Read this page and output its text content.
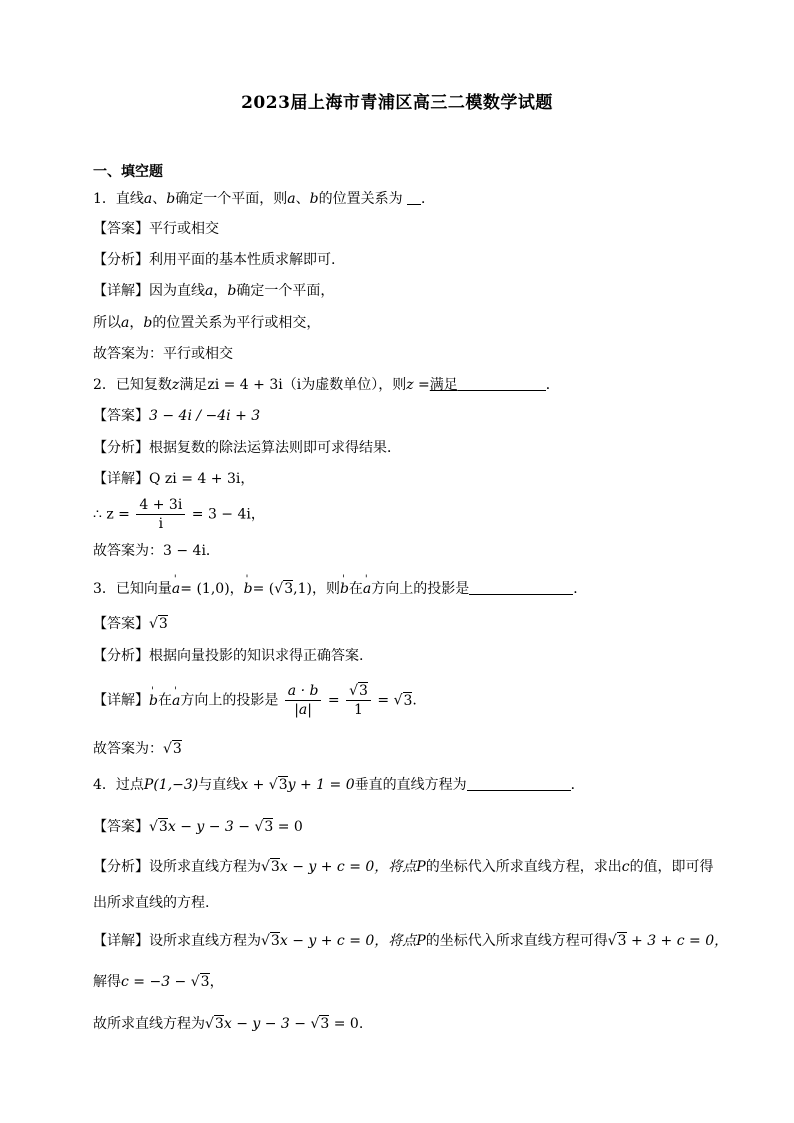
2023届上海市青浦区高三二模数学试题
一、填空题
1．直线a、b确定一个平面，则a、b的位置关系为 ．
【答案】平行或相交
【分析】利用平面的基本性质求解即可.
【详解】因为直线a，b确定一个平面，
所以a，b的位置关系为平行或相交，
故答案为：平行或相交
2．已知复数z满足zi = 4 + 3i（i为虚数单位），则z =满足	．
【答案】3 − 4i / −4i + 3
【分析】根据复数的除法运算法则即可求得结果．
【详解】Q zi = 4 + 3i，
∴ $z = \frac{4 + 3i}{i} = 3 - 4i$，
故答案为：3 − 4i．
3．已知向量' a= (1,0)，' b= (√3,1)，则' b在' a方向上的投影是	．
【答案】√3
【分析】根据向量投影的知识求得正确答案.
【详解】' b在' a方向上的投影是 $\frac{a \cdot b}{|a|} = \frac{√3}{1} = √3$.
故答案为：√3
4．过点P(1,−3)与直线x + √3y + 1 = 0垂直的直线方程为	．
【答案】√3x − y − 3 − √3 = 0
【分析】设所求直线方程为√3x − y + c = 0，将点P的坐标代入所求直线方程，求出c的值，即可得
出所求直线的方程.
【详解】设所求直线方程为√3x − y + c = 0，将点P的坐标代入所求直线方程可得√3 + 3 + c = 0，
解得c = −3 − √3，
故所求直线方程为√3x − y − 3 − √3 = 0.
